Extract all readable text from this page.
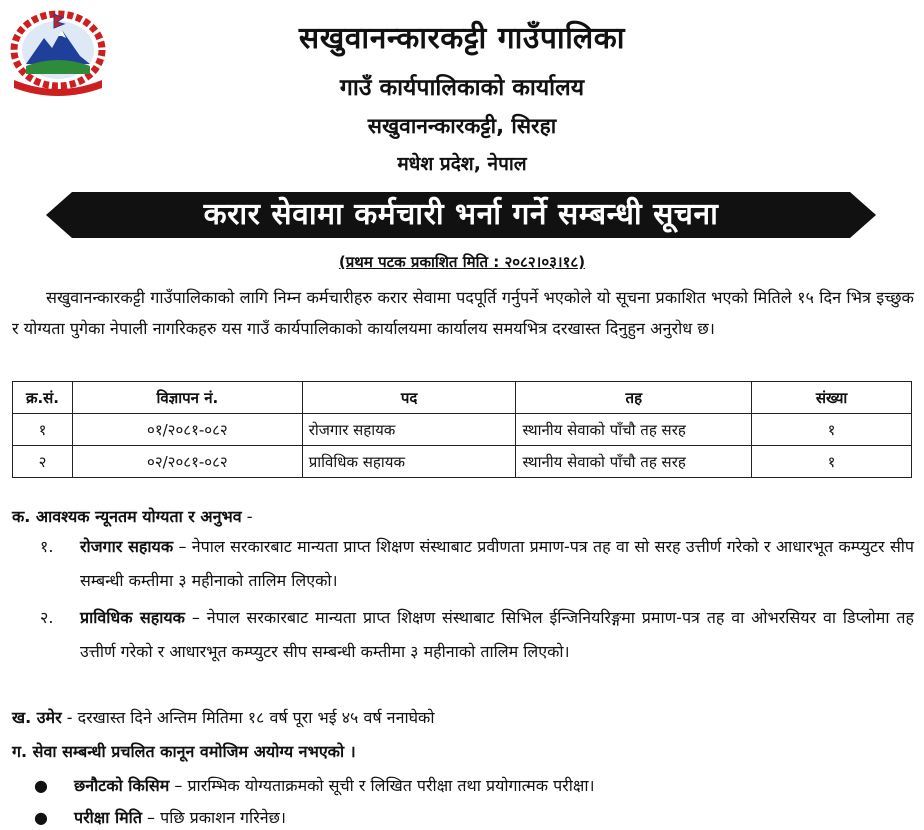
सखुवानन्कारकट्टी गाउँपालिका
गाउँ कार्यपालिकाको कार्यालय
सखुवानन्कारकट्टी, सिरहा
मधेश प्रदेश, नेपाल
करार सेवामा कर्मचारी भर्ना गर्ने सम्बन्धी सूचना
(प्रथम पटक प्रकाशित मिति : २०८२।०३।१८)
सखुवानन्कारकट्टी गाउँपालिकाको लागि निम्न कर्मचारीहरु करार सेवामा पदपूर्ति गर्नुपर्ने भएकोले यो सूचना प्रकाशित भएको मितिले १५ दिन भित्र इच्छुक र योग्यता पुगेका नेपाली नागरिकहरु यस गाउँ कार्यपालिकाको कार्यालयमा कार्यालय समयभित्र दरखास्त दिनुहुन अनुरोध छ।
क्र.सं.	विज्ञापन नं.	पद	तह	संख्या
१	०१/२०८१-०८२	रोजगार सहायक	स्थानीय सेवाको पाँचौ तह सरह	१
२	०२/२०८१-०८२	प्राविधिक सहायक	स्थानीय सेवाको पाँचौ तह सरह	१
क. आवश्यक न्यूनतम योग्यता र अनुभव -
१.	रोजगार सहायक – नेपाल सरकारबाट मान्यता प्राप्त शिक्षण संस्थाबाट प्रवीणता प्रमाण-पत्र तह वा सो सरह उत्तीर्ण गरेको र आधारभूत कम्प्युटर सीप सम्बन्धी कम्तीमा ३ महीनाको तालिम लिएको।
२.	प्राविधिक सहायक – नेपाल सरकारबाट मान्यता प्राप्त शिक्षण संस्थाबाट सिभिल ईन्जिनियरिङ्गमा प्रमाण-पत्र तह वा ओभरसियर वा डिप्लोमा तह उत्तीर्ण गरेको र आधारभूत कम्प्युटर सीप सम्बन्धी कम्तीमा ३ महीनाको तालिम लिएको।
ख. उमेर - दरखास्त दिने अन्तिम मितिमा १८ वर्ष पूरा भई ४५ वर्ष ननाघेको
ग. सेवा सम्बन्धी प्रचलित कानून वमोजिम अयोग्य नभएको ।
● छनौटको किसिम – प्रारम्भिक योग्यताक्रमको सूची र लिखित परीक्षा तथा प्रयोगात्मक परीक्षा।
● परीक्षा मिति – पछि प्रकाशन गरिनेछ।
